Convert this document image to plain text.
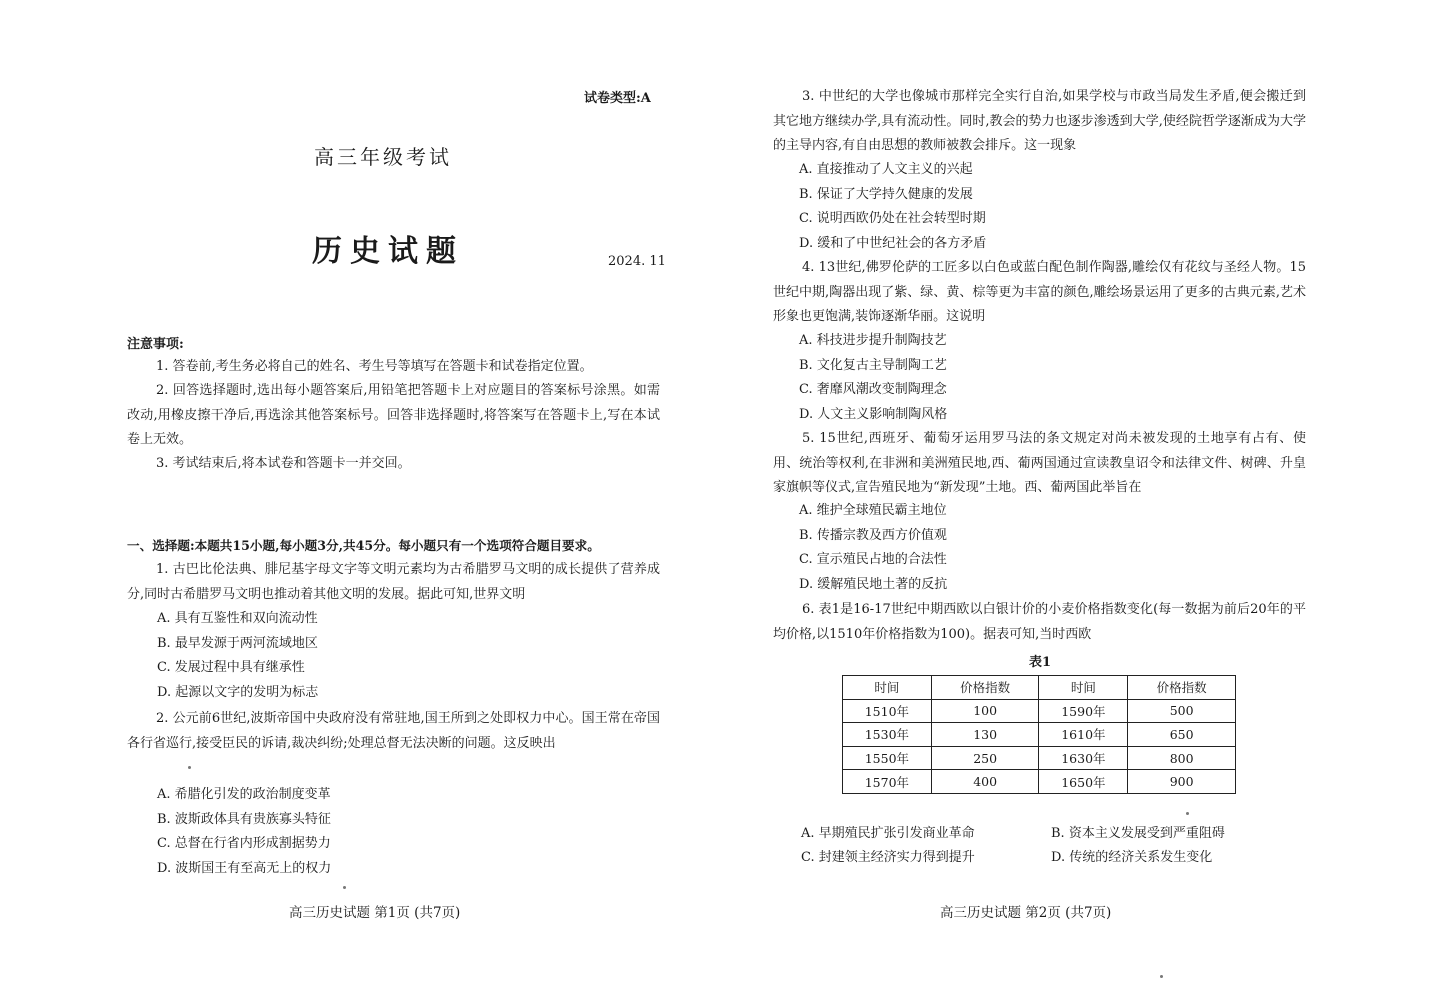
试卷类型:A
高三年级考试
历史试题	2024. 11
注意事项:
1. 答卷前,考生务必将自己的姓名、考生号等填写在答题卡和试卷指定位置。
2. 回答选择题时,选出每小题答案后,用铅笔把答题卡上对应题目的答案标号涂黑。如需改动,用橡皮擦干净后,再选涂其他答案标号。回答非选择题时,将答案写在答题卡上,写在本试卷上无效。
3. 考试结束后,将本试卷和答题卡一并交回。
一、选择题:本题共15小题,每小题3分,共45分。每小题只有一个选项符合题目要求。
1. 古巴比伦法典、腓尼基字母文字等文明元素均为古希腊罗马文明的成长提供了营养成分,同时古希腊罗马文明也推动着其他文明的发展。据此可知,世界文明
A. 具有互鉴性和双向流动性
B. 最早发源于两河流域地区
C. 发展过程中具有继承性
D. 起源以文字的发明为标志
2. 公元前6世纪,波斯帝国中央政府没有常驻地,国王所到之处即权力中心。国王常在帝国各行省巡行,接受臣民的诉请,裁决纠纷;处理总督无法决断的问题。这反映出
A. 希腊化引发的政治制度变革
B. 波斯政体具有贵族寡头特征
C. 总督在行省内形成割据势力
D. 波斯国王有至高无上的权力
高三历史试题 第1页 (共7页)
3. 中世纪的大学也像城市那样完全实行自治,如果学校与市政当局发生矛盾,便会搬迁到其它地方继续办学,具有流动性。同时,教会的势力也逐步渗透到大学,使经院哲学逐渐成为大学的主导内容,有自由思想的教师被教会排斥。这一现象
A. 直接推动了人文主义的兴起
B. 保证了大学持久健康的发展
C. 说明西欧仍处在社会转型时期
D. 缓和了中世纪社会的各方矛盾
4. 13世纪,佛罗伦萨的工匠多以白色或蓝白配色制作陶器,雕绘仅有花纹与圣经人物。15世纪中期,陶器出现了紫、绿、黄、棕等更为丰富的颜色,雕绘场景运用了更多的古典元素,艺术形象也更饱满,装饰逐渐华丽。这说明
A. 科技进步提升制陶技艺
B. 文化复古主导制陶工艺
C. 奢靡风潮改变制陶理念
D. 人文主义影响制陶风格
5. 15世纪,西班牙、葡萄牙运用罗马法的条文规定对尚未被发现的土地享有占有、使用、统治等权利,在非洲和美洲殖民地,西、葡两国通过宣读教皇诏令和法律文件、树碑、升皇家旗帜等仪式,宣告殖民地为“新发现”土地。西、葡两国此举旨在
A. 维护全球殖民霸主地位
B. 传播宗教及西方价值观
C. 宣示殖民占地的合法性
D. 缓解殖民地土著的反抗
6. 表1是16-17世纪中期西欧以白银计价的小麦价格指数变化(每一数据为前后20年的平均价格,以1510年价格指数为100)。据表可知,当时西欧
表1
时间	价格指数	时间	价格指数
1510年	100	1590年	500
1530年	130	1610年	650
1550年	250	1630年	800
1570年	400	1650年	900
A. 早期殖民扩张引发商业革命	B. 资本主义发展受到严重阻碍
C. 封建领主经济实力得到提升	D. 传统的经济关系发生变化
高三历史试题 第2页 (共7页)
